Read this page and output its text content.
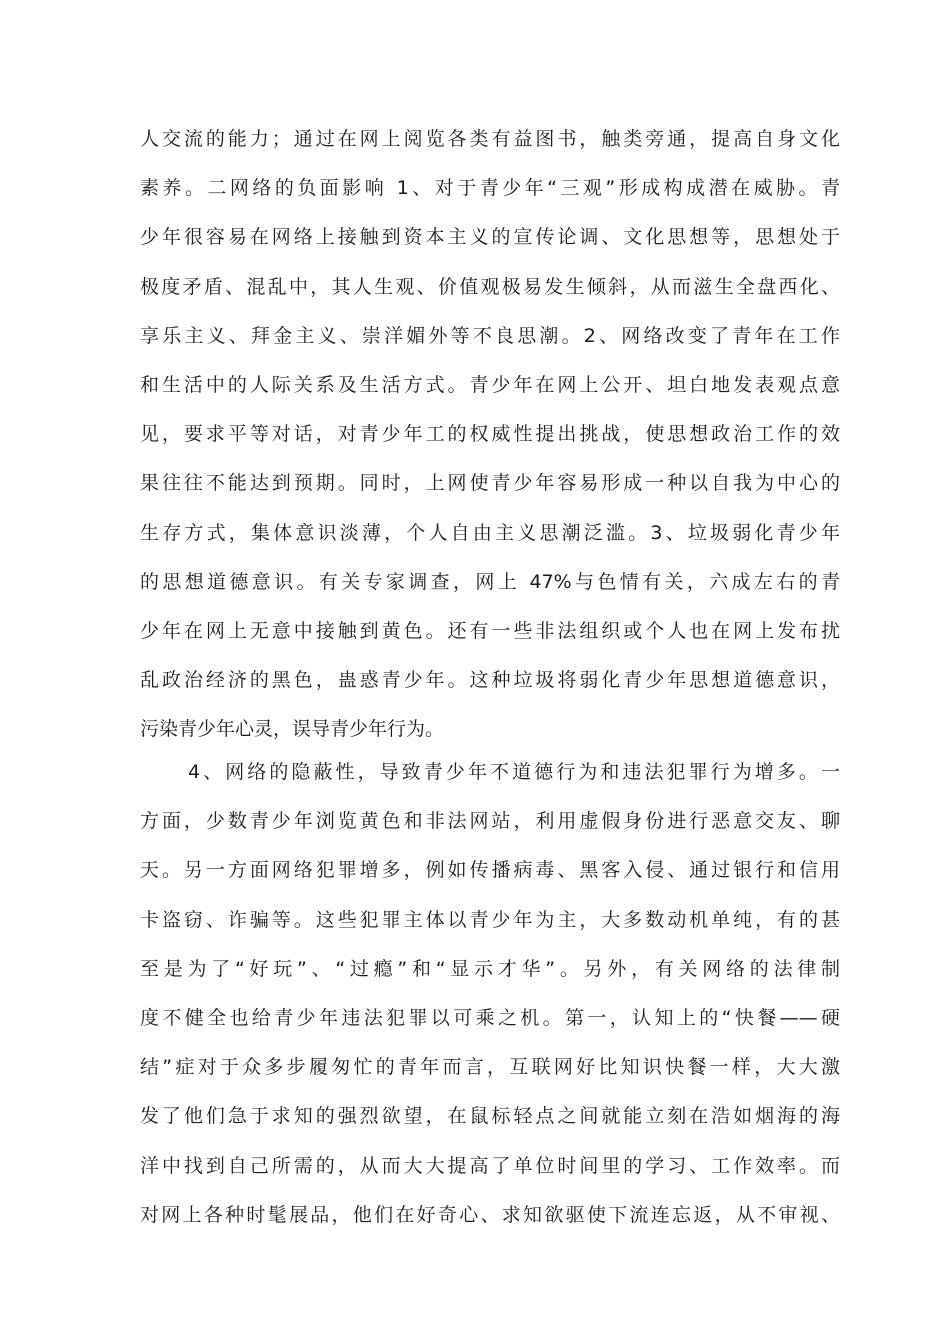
人交流的能力；通过在网上阅览各类有益图书，触类旁通，提高自身文化
素养。二网络的负面影响 1、对于青少年“三观”形成构成潜在威胁。青
少年很容易在网络上接触到资本主义的宣传论调、文化思想等，思想处于
极度矛盾、混乱中，其人生观、价值观极易发生倾斜，从而滋生全盘西化、
享乐主义、拜金主义、崇洋媚外等不良思潮。2、网络改变了青年在工作
和生活中的人际关系及生活方式。青少年在网上公开、坦白地发表观点意
见，要求平等对话，对青少年工的权威性提出挑战，使思想政治工作的效
果往往不能达到预期。同时，上网使青少年容易形成一种以自我为中心的
生存方式，集体意识淡薄，个人自由主义思潮泛滥。3、垃圾弱化青少年
的思想道德意识。有关专家调查，网上 47%与色情有关，六成左右的青
少年在网上无意中接触到黄色。还有一些非法组织或个人也在网上发布扰
乱政治经济的黑色，蛊惑青少年。这种垃圾将弱化青少年思想道德意识，
污染青少年心灵，误导青少年行为。
4、网络的隐蔽性，导致青少年不道德行为和违法犯罪行为增多。一
方面，少数青少年浏览黄色和非法网站，利用虚假身份进行恶意交友、聊
天。另一方面网络犯罪增多，例如传播病毒、黑客入侵、通过银行和信用
卡盗窃、诈骗等。这些犯罪主体以青少年为主，大多数动机单纯，有的甚
至是为了“好玩”、“过瘾”和“显示才华”。另外，有关网络的法律制
度不健全也给青少年违法犯罪以可乘之机。第一，认知上的“快餐——硬
结”症对于众多步履匆忙的青年而言，互联网好比知识快餐一样，大大激
发了他们急于求知的强烈欲望，在鼠标轻点之间就能立刻在浩如烟海的海
洋中找到自己所需的，从而大大提高了单位时间里的学习、工作效率。而
对网上各种时髦展品，他们在好奇心、求知欲驱使下流连忘返，从不审视、
